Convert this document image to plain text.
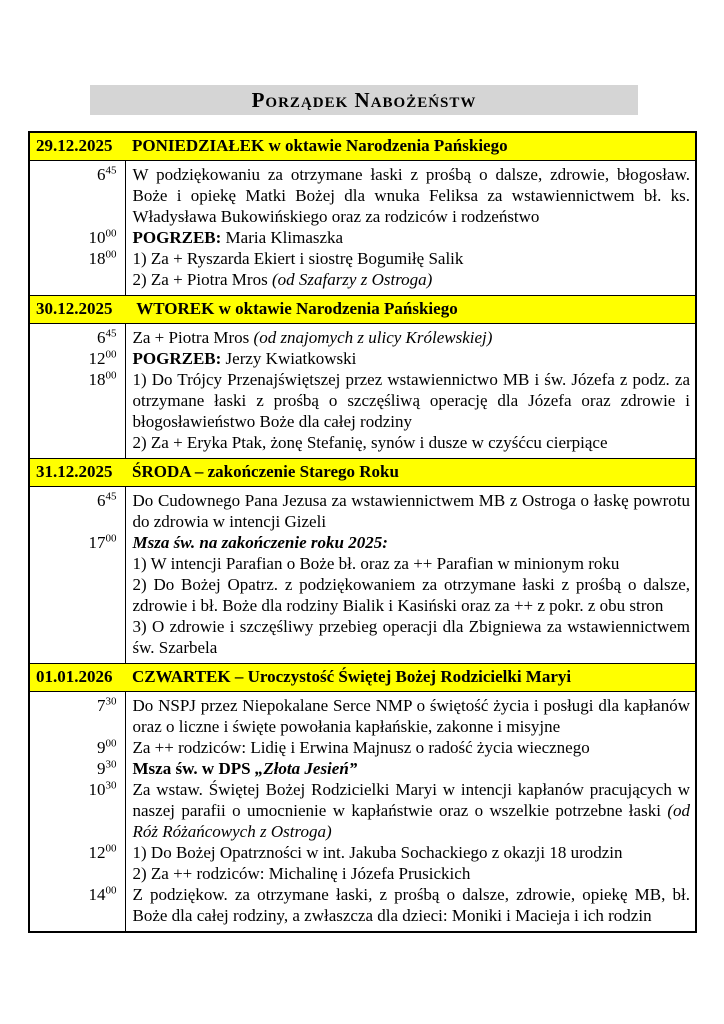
Porządek Nabożeństw
29.12.2025	PONIEDZIAŁEK w oktawie Narodzenia Pańskiego
$6^{45}$	W podziękowaniu za otrzymane łaski z prośbą o dalsze, zdrowie, błogosław. Boże i opiekę Matki Bożej dla wnuka Feliksa za wstawiennictwem bł. ks. Władysława Bukowińskiego oraz za rodziców i rodzeństwo
$10^{00}$	POGRZEB: Maria Klimaszka
$18^{00}$	1) Za + Ryszarda Ekiert i siostrę Bogumiłę Salik
	2) Za + Piotra Mros (od Szafarzy z Ostroga)
30.12.2025	WTOREK w oktawie Narodzenia Pańskiego
$6^{45}$	Za + Piotra Mros (od znajomych z ulicy Królewskiej)
$12^{00}$	POGRZEB: Jerzy Kwiatkowski
$18^{00}$	1) Do Trójcy Przenajświętszej przez wstawiennictwo MB i św. Józefa z podz. za otrzymane łaski z prośbą o szczęśliwą operację dla Józefa oraz zdrowie i błogosławieństwo Boże dla całej rodziny
	2) Za + Eryka Ptak, żonę Stefanię, synów i dusze w czyśćcu cierpiące
31.12.2025	ŚRODA – zakończenie Starego Roku
$6^{45}$	Do Cudownego Pana Jezusa za wstawiennictwem MB z Ostroga o łaskę powrotu do zdrowia w intencji Gizeli
$17^{00}$	Msza św. na zakończenie roku 2025:
	1) W intencji Parafian o Boże bł. oraz za ++ Parafian w minionym roku
	2) Do Bożej Opatrz. z podziękowaniem za otrzymane łaski z prośbą o dalsze, zdrowie i bł. Boże dla rodziny Bialik i Kasiński oraz za ++ z pokr. z obu stron
	3) O zdrowie i szczęśliwy przebieg operacji dla Zbigniewa za wstawiennictwem św. Szarbela
01.01.2026	CZWARTEK – Uroczystość Świętej Bożej Rodzicielki Maryi
$7^{30}$	Do NSPJ przez Niepokalane Serce NMP o świętość życia i posługi dla kapłanów oraz o liczne i święte powołania kapłańskie, zakonne i misyjne
$9^{00}$	Za ++ rodziców: Lidię i Erwina Majnusz o radość życia wiecznego
$9^{30}$	Msza św. w DPS „Złota Jesień”
$10^{30}$	Za wstaw. Świętej Bożej Rodzicielki Maryi w intencji kapłanów pracujących w naszej parafii o umocnienie w kapłaństwie oraz o wszelkie potrzebne łaski (od Róż Różańcowych z Ostroga)
$12^{00}$	1) Do Bożej Opatrzności w int. Jakuba Sochackiego z okazji 18 urodzin
	2) Za ++ rodziców: Michalinę i Józefa Prusickich
$14^{00}$	Z podziękow. za otrzymane łaski, z prośbą o dalsze, zdrowie, opiekę MB, bł. Boże dla całej rodziny, a zwłaszcza dla dzieci: Moniki i Macieja i ich rodzin
